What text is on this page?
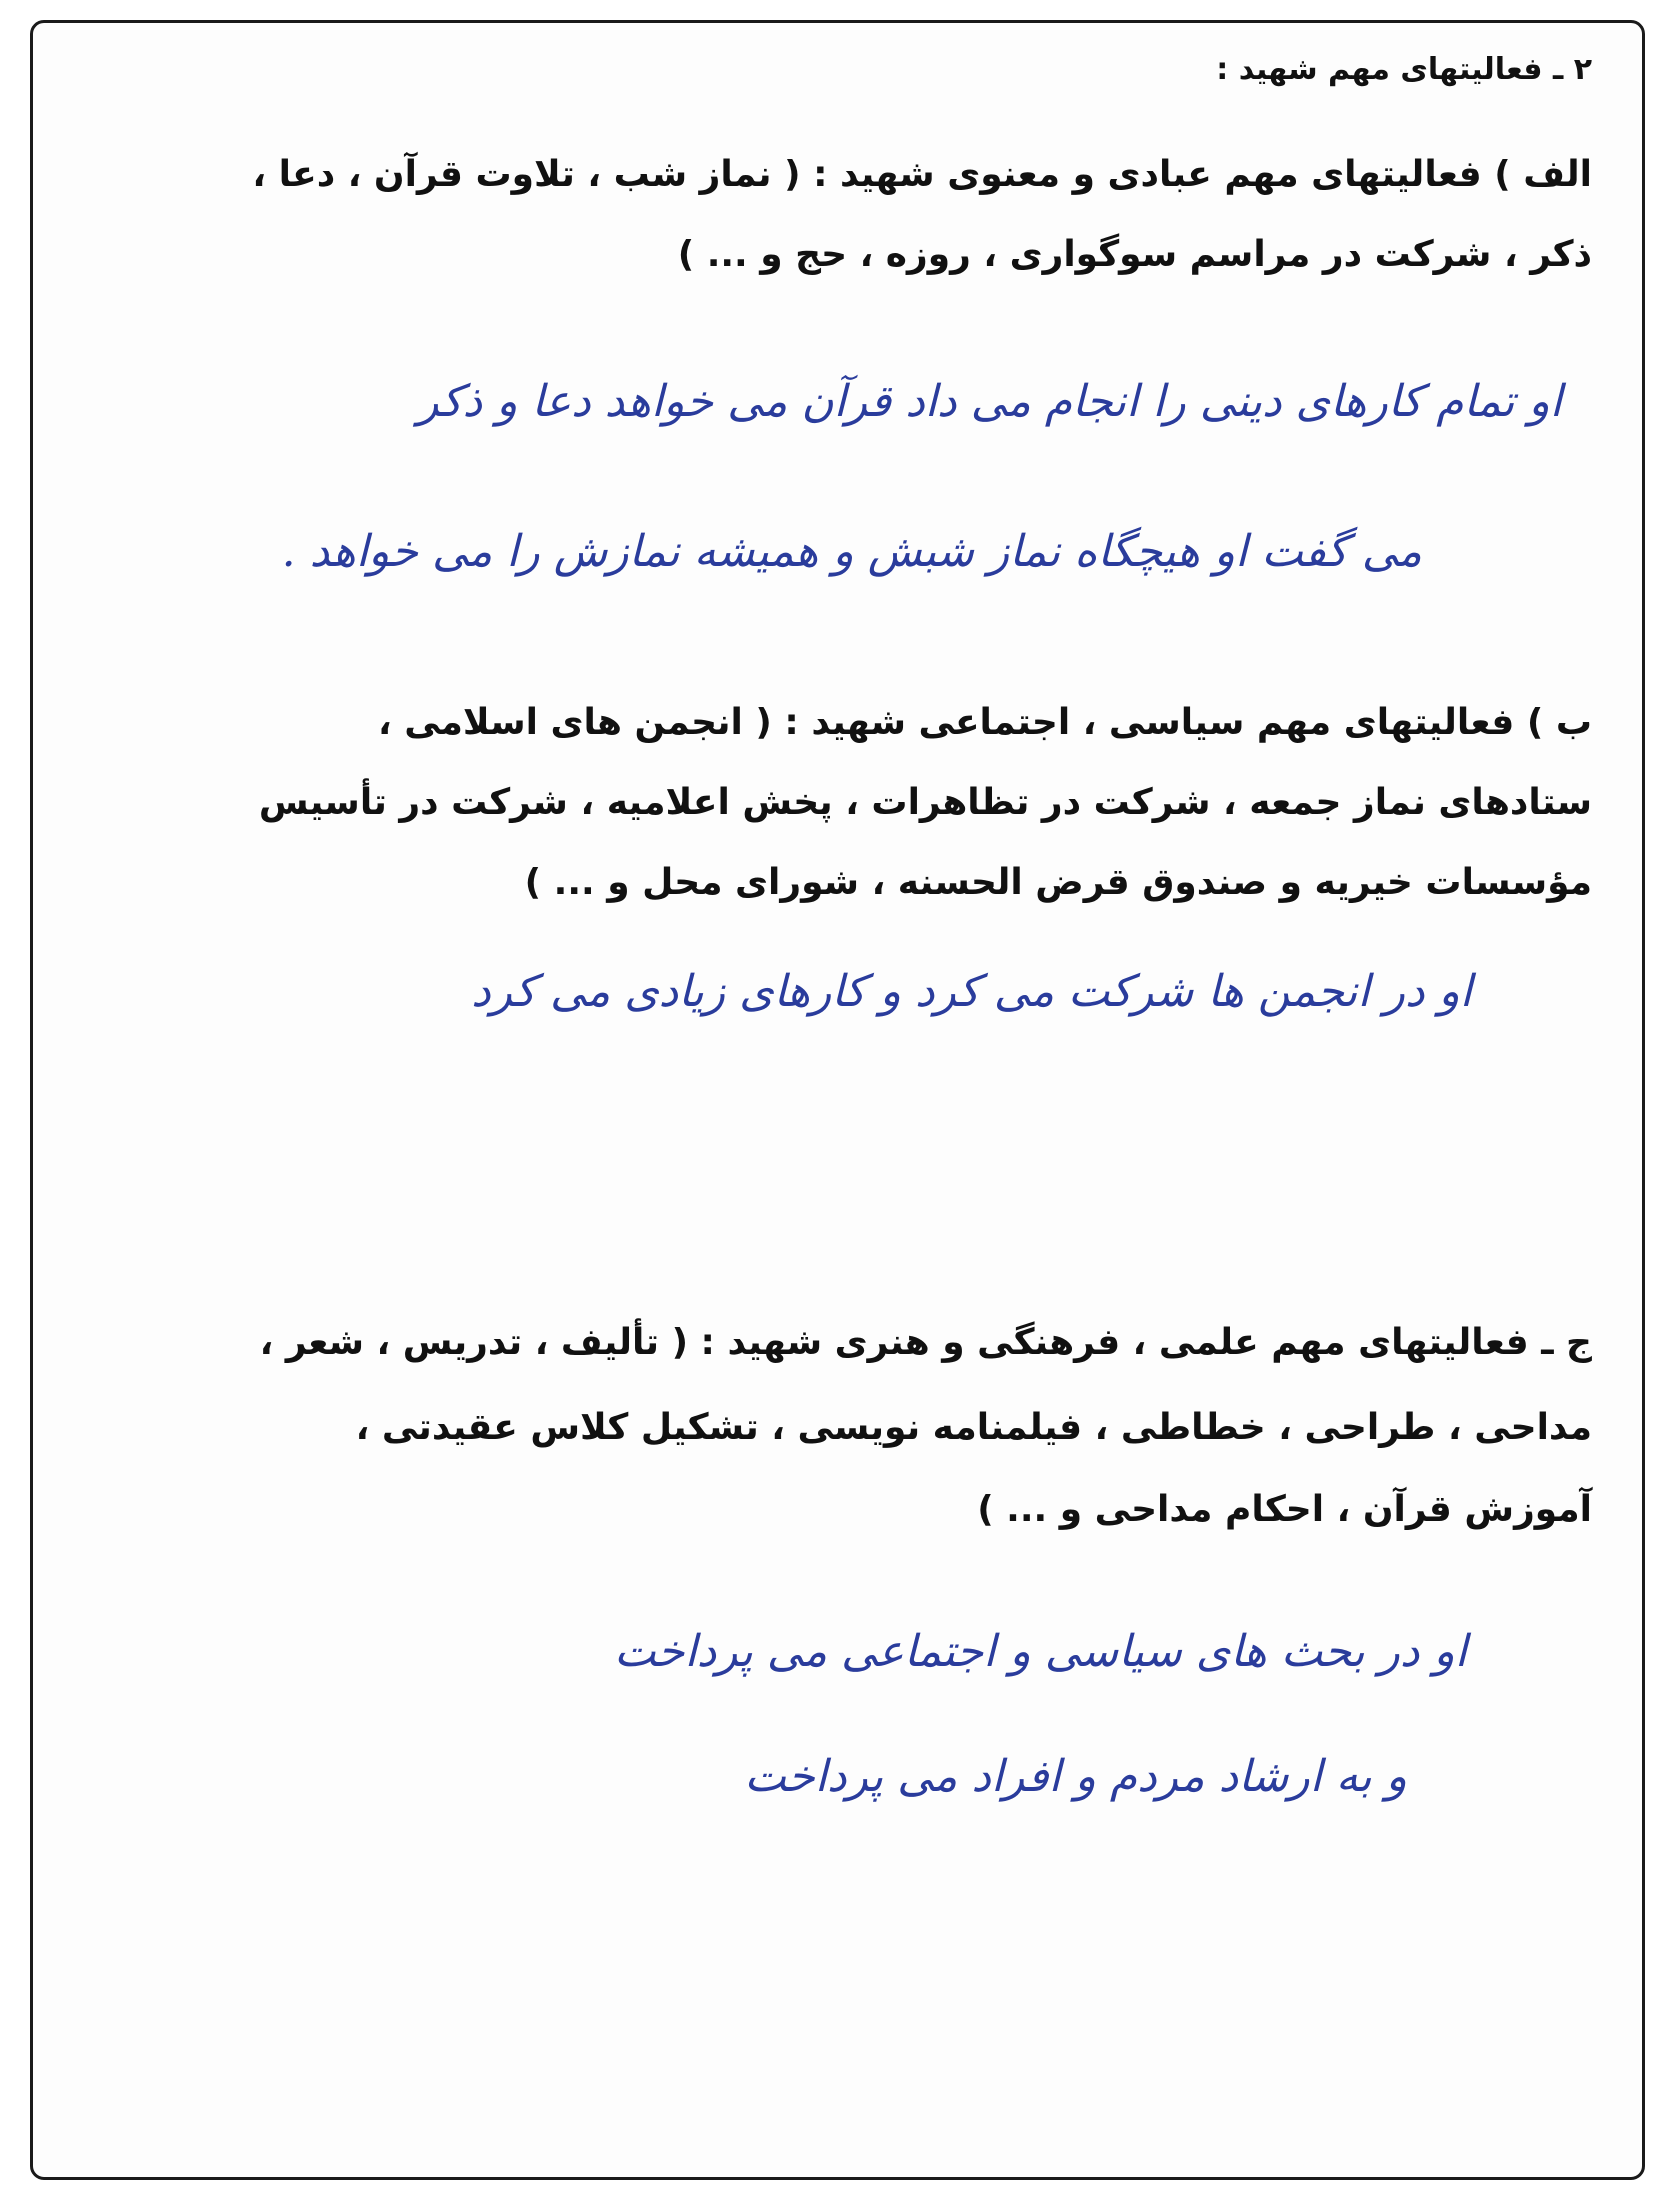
۲ ـ فعالیتهای مهم شهید :
الف ) فعالیتهای مهم عبادی و معنوی شهید : ( نماز شب ، تلاوت قرآن ، دعا ،
ذکر ، شرکت در مراسم سوگواری ، روزه ، حج و ... )
او تمام کارهای دینی را انجام می داد قرآن می خواهد دعا و ذکر
می گفت او هیچگاه نماز شبش و همیشه نمازش را می خواهد .
ب ) فعالیتهای مهم سیاسی ، اجتماعی شهید : ( انجمن های اسلامی ،
ستادهای نماز جمعه ، شرکت در تظاهرات ، پخش اعلامیه ، شرکت در تأسیس
مؤسسات خیریه و صندوق قرض الحسنه ، شورای محل و ... )
او در انجمن ها شرکت می کرد و کارهای زیادی می کرد
ج ـ فعالیتهای مهم علمی ، فرهنگی و هنری شهید : ( تألیف ، تدریس ، شعر ،
مداحی ، طراحی ، خطاطی ، فیلمنامه نویسی ، تشکیل کلاس عقیدتی ،
آموزش قرآن ، احکام مداحی و ... )
او در بحث های سیاسی و اجتماعی می پرداخت
و به ارشاد مردم و افراد می پرداخت
